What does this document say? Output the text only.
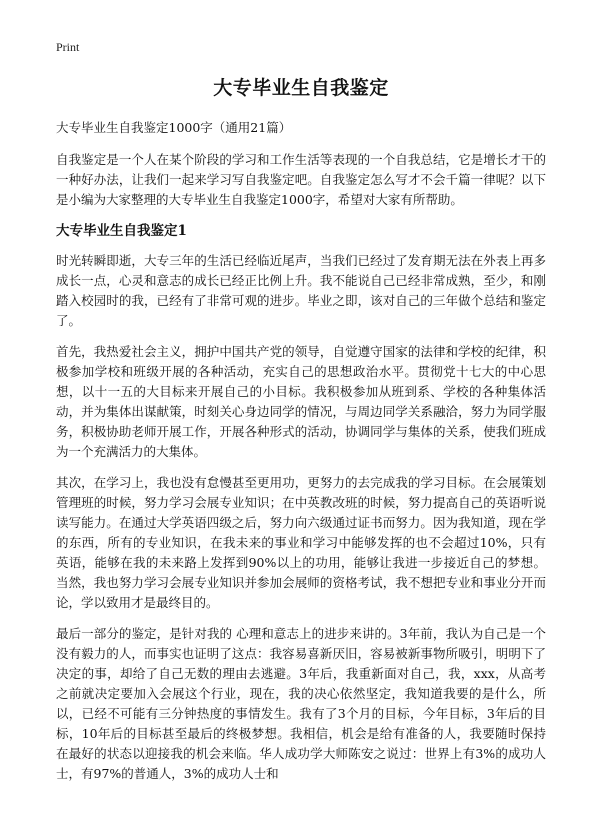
Print
大专毕业生自我鉴定

大专毕业生自我鉴定1000字（通用21篇）

自我鉴定是一个人在某个阶段的学习和工作生活等表现的一个自我总结，它是增长才干的一种好办法，让我们一起来学习写自我鉴定吧。自我鉴定怎么写才不会千篇一律呢？以下是小编为大家整理的大专毕业生自我鉴定1000字，希望对大家有所帮助。

大专毕业生自我鉴定1

时光转瞬即逝，大专三年的生活已经临近尾声，当我们已经过了发育期无法在外表上再多成长一点，心灵和意志的成长已经正比例上升。我不能说自己已经非常成熟，至少，和刚踏入校园时的我，已经有了非常可观的进步。毕业之即，该对自己的三年做个总结和鉴定了。

首先，我热爱社会主义，拥护中国共产党的领导，自觉遵守国家的法律和学校的纪律，积极参加学校和班级开展的各种活动，充实自己的思想政治水平。贯彻党十七大的中心思想，以十一五的大目标来开展自己的小目标。我积极参加从班到系、学校的各种集体活动，并为集体出谋献策，时刻关心身边同学的情况，与周边同学关系融洽，努力为同学服务，积极协助老师开展工作，开展各种形式的活动，协调同学与集体的关系，使我们班成为一个充满活力的大集体。

其次，在学习上，我也没有怠慢甚至更用功，更努力的去完成我的学习目标。在会展策划管理班的时候，努力学习会展专业知识；在中英教改班的时候，努力提高自己的英语听说读写能力。在通过大学英语四级之后，努力向六级通过证书而努力。因为我知道，现在学的东西，所有的专业知识，在我未来的事业和学习中能够发挥的也不会超过10%，只有英语，能够在我的未来路上发挥到90%以上的功用，能够让我进一步接近自己的梦想。当然，我也努力学习会展专业知识并参加会展师的资格考试，我不想把专业和事业分开而论，学以致用才是最终目的。

最后一部分的鉴定，是针对我的 心理和意志上的进步来讲的。3年前，我认为自己是一个没有毅力的人，而事实也证明了这点：我容易喜新厌旧，容易被新事物所吸引，明明下了决定的事，却给了自己无数的理由去逃避。3年后，我重新面对自己，我，xxx，从高考之前就决定要加入会展这个行业，现在，我的决心依然坚定，我知道我要的是什么，所以，已经不可能有三分钟热度的事情发生。我有了3个月的目标，今年目标，3年后的目标，10年后的目标甚至最后的终极梦想。我相信，机会是给有准备的人，我要随时保持在最好的状态以迎接我的机会来临。华人成功学大师陈安之说过：世界上有3%的成功人士，有97%的普通人，3%的成功人士和
